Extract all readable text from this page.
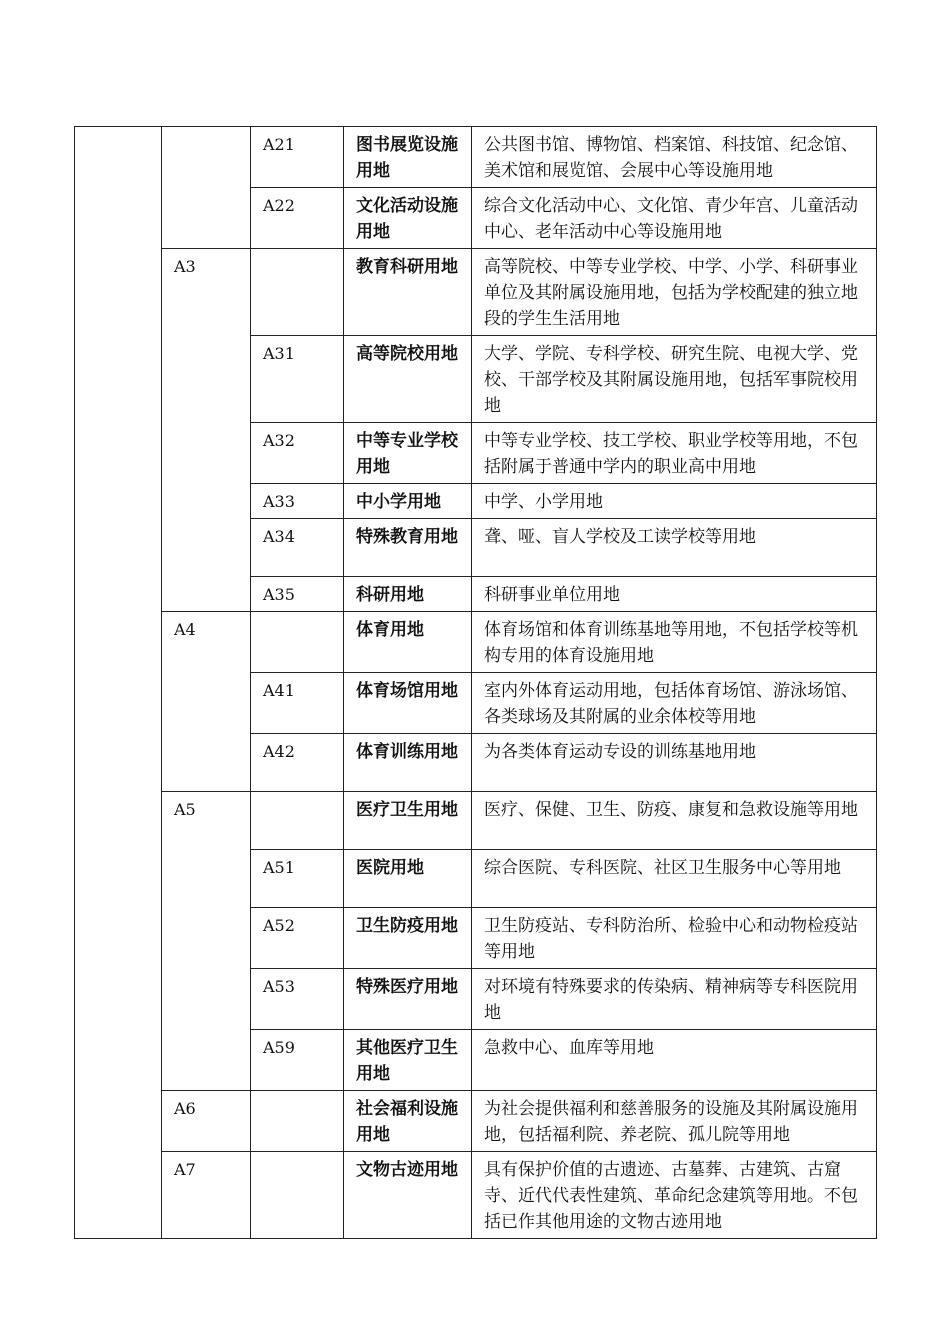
		A21	图书展览设施用地	公共图书馆、博物馆、档案馆、科技馆、纪念馆、美术馆和展览馆、会展中心等设施用地
		A22	文化活动设施用地	综合文化活动中心、文化馆、青少年宫、儿童活动中心、老年活动中心等设施用地
	A3		教育科研用地	高等院校、中等专业学校、中学、小学、科研事业单位及其附属设施用地，包括为学校配建的独立地段的学生生活用地
		A31	高等院校用地	大学、学院、专科学校、研究生院、电视大学、党校、干部学校及其附属设施用地，包括军事院校用地
		A32	中等专业学校用地	中等专业学校、技工学校、职业学校等用地，不包括附属于普通中学内的职业高中用地
		A33	中小学用地	中学、小学用地
		A34	特殊教育用地	聋、哑、盲人学校及工读学校等用地
		A35	科研用地	科研事业单位用地
	A4		体育用地	体育场馆和体育训练基地等用地，不包括学校等机构专用的体育设施用地
		A41	体育场馆用地	室内外体育运动用地，包括体育场馆、游泳场馆、各类球场及其附属的业余体校等用地
		A42	体育训练用地	为各类体育运动专设的训练基地用地
	A5		医疗卫生用地	医疗、保健、卫生、防疫、康复和急救设施等用地
		A51	医院用地	综合医院、专科医院、社区卫生服务中心等用地
		A52	卫生防疫用地	卫生防疫站、专科防治所、检验中心和动物检疫站等用地
		A53	特殊医疗用地	对环境有特殊要求的传染病、精神病等专科医院用地
		A59	其他医疗卫生用地	急救中心、血库等用地
	A6		社会福利设施用地	为社会提供福利和慈善服务的设施及其附属设施用地，包括福利院、养老院、孤儿院等用地
	A7		文物古迹用地	具有保护价值的古遗迹、古墓葬、古建筑、古窟寺、近代代表性建筑、革命纪念建筑等用地。不包括已作其他用途的文物古迹用地
